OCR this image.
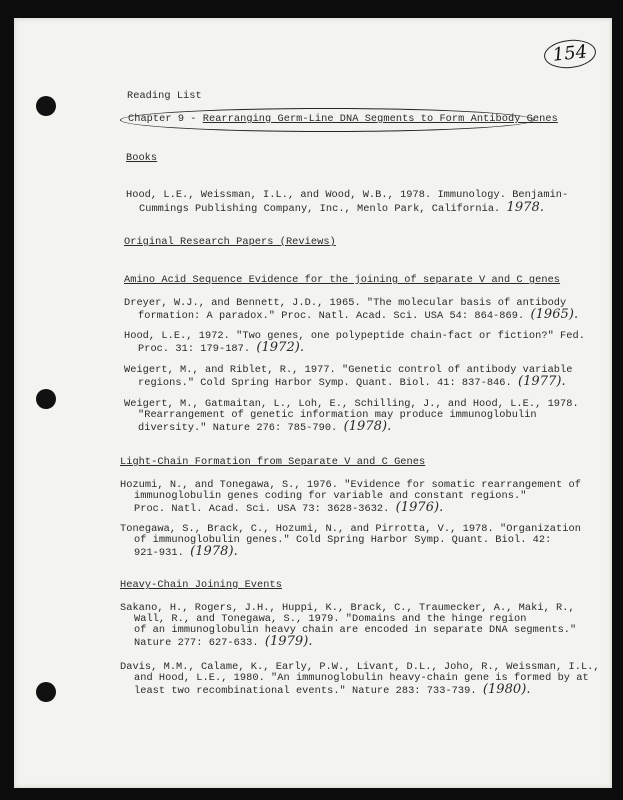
154
Reading List
Chapter 9 - Rearranging Germ-Line DNA Segments to Form Antibody Genes
Books
Hood, L.E., Weissman, I.L., and Wood, W.B., 1978. Immunology. Benjamin-
Cummings Publishing Company, Inc., Menlo Park, California. 1978.
Original Research Papers (Reviews)
Amino Acid Sequence Evidence for the joining of separate V and C genes
Dreyer, W.J., and Bennett, J.D., 1965. "The molecular basis of antibody
formation: A paradox." Proc. Natl. Acad. Sci. USA 54: 864-869. (1965).
Hood, L.E., 1972. "Two genes, one polypeptide chain-fact or fiction?" Fed.
Proc. 31: 179-187. (1972).
Weigert, M., and Riblet, R., 1977. "Genetic control of antibody variable
regions." Cold Spring Harbor Symp. Quant. Biol. 41: 837-846. (1977).
Weigert, M., Gatmaitan, L., Loh, E., Schilling, J., and Hood, L.E., 1978.
"Rearrangement of genetic information may produce immunoglobulin
diversity." Nature 276: 785-790. (1978).
Light-Chain Formation from Separate V and C Genes
Hozumi, N., and Tonegawa, S., 1976. "Evidence for somatic rearrangement of
immunoglobulin genes coding for variable and constant regions."
Proc. Natl. Acad. Sci. USA 73: 3628-3632. (1976).
Tonegawa, S., Brack, C., Hozumi, N., and Pirrotta, V., 1978. "Organization
of immunoglobulin genes." Cold Spring Harbor Symp. Quant. Biol. 42:
921-931. (1978).
Heavy-Chain Joining Events
Sakano, H., Rogers, J.H., Huppi, K., Brack, C., Traumecker, A., Maki, R.,
Wall, R., and Tonegawa, S., 1979. "Domains and the hinge region
of an immunoglobulin heavy chain are encoded in separate DNA segments."
Nature 277: 627-633. (1979).
Davis, M.M., Calame, K., Early, P.W., Livant, D.L., Joho, R., Weissman, I.L.,
and Hood, L.E., 1980. "An immunoglobulin heavy-chain gene is formed by at
least two recombinational events." Nature 283: 733-739. (1980).
